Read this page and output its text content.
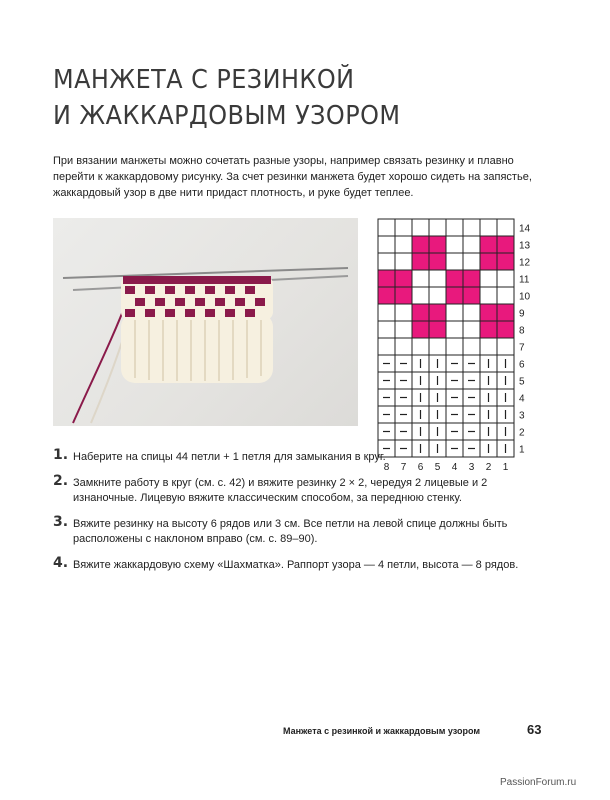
МАНЖЕТА С РЕЗИНКОЙ
И ЖАККАРДОВЫМ УЗОРОМ

При вязании манжеты можно сочетать разные узоры, например связать резинку и плавно перейти к жаккардовому рисунку. За счет резинки манжета будет хорошо сидеть на запястье, жаккардовый узор в две нити придаст плотность, и руке будет теплее.

14
13
12
11
10
9
8
7
6
5
4
3
2
1
8 7 6 5 4 3 2 1
1. Наберите на спицы 44 петли + 1 петля для замыкания в круг.
2. Замкните работу в круг (см. с. 42) и вяжите резинку 2 × 2, чередуя 2 лицевые и 2 изнаночные. Лицевую вяжите классическим способом, за переднюю стенку.
3. Вяжите резинку на высоту 6 рядов или 3 см. Все петли на левой спице должны быть расположены с наклоном вправо (см. с. 89–90).
4. Вяжите жаккардовую схему «Шахматка». Раппорт узора — 4 петли, высота — 8 рядов.
Манжета с резинкой и жаккардовым узором	63
PassionForum.ru
